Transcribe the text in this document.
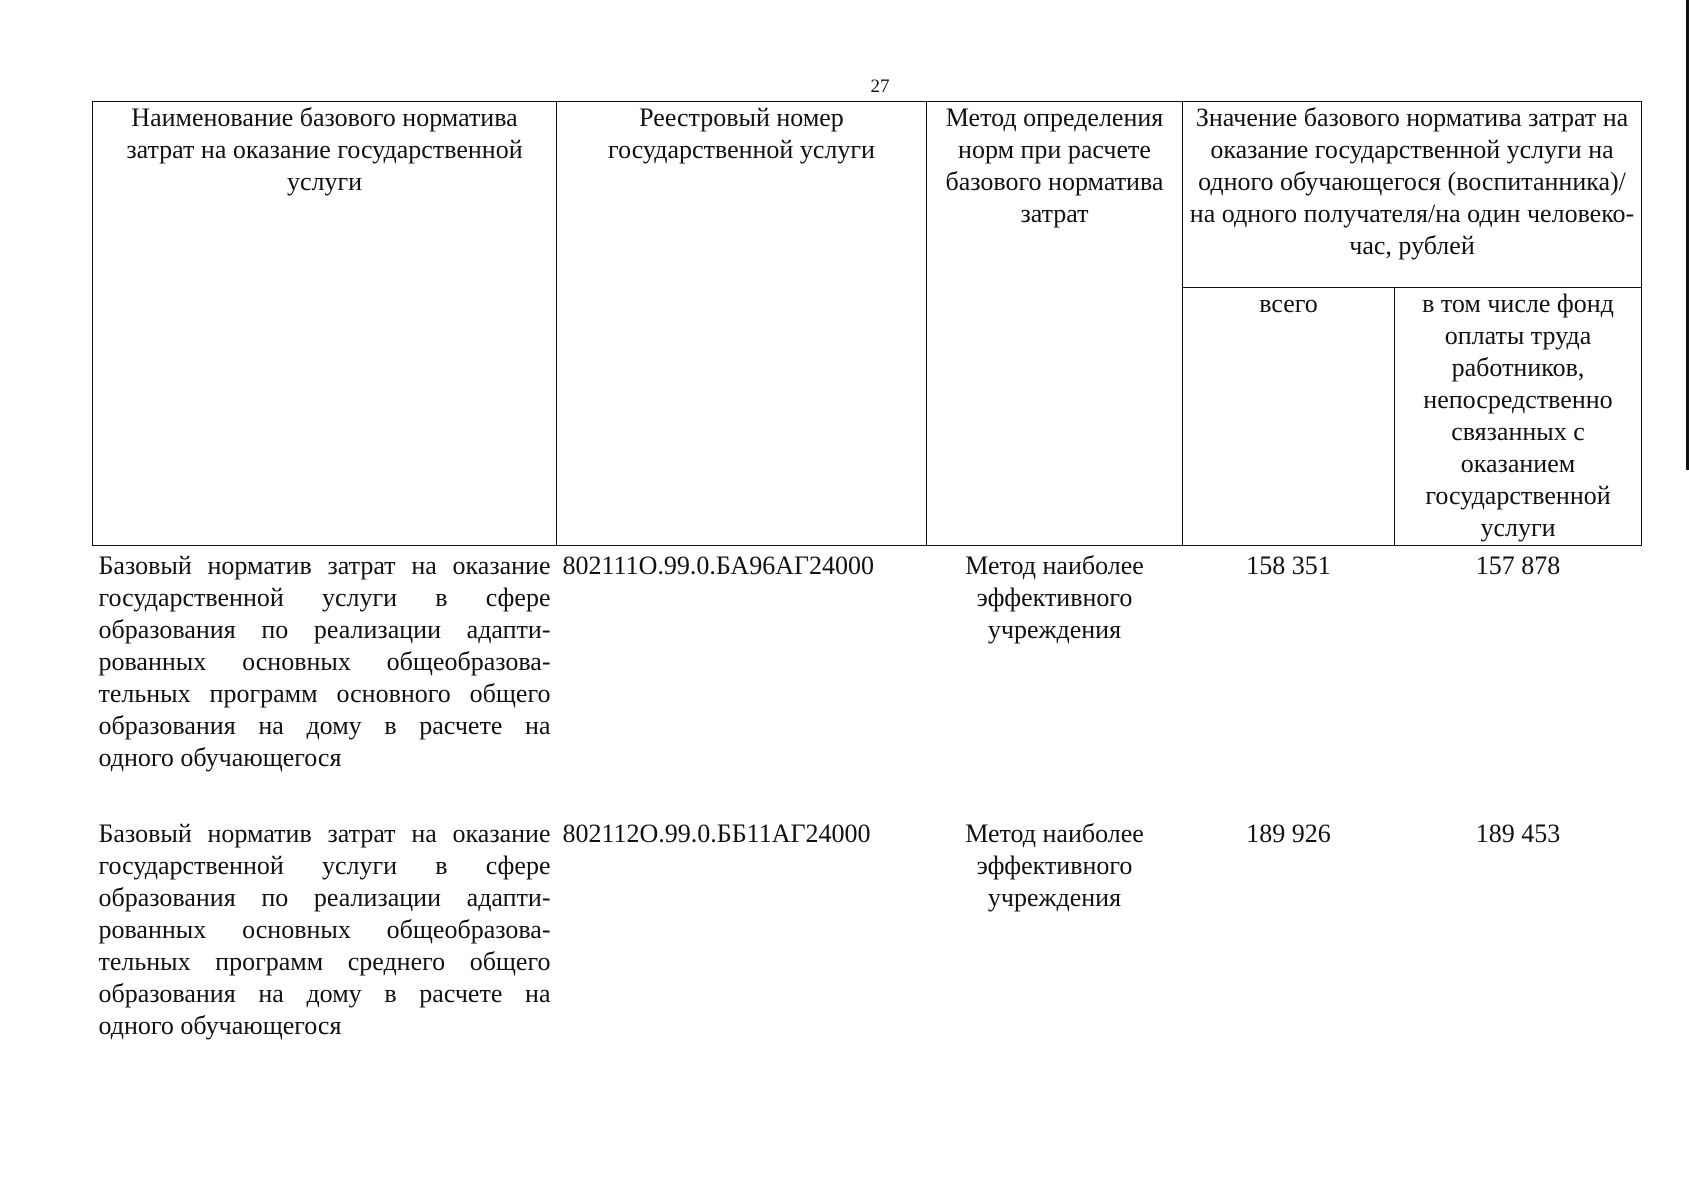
27
Наименование базового норматива затрат на оказание государственной услуги	Реестровый номер государственной услуги	Метод определения норм при расчете базового норматива затрат	Значение базового норматива затрат на оказание государственной услуги на одного обучающегося (воспитанника)/на одного получателя/на один человеко-час, рублей	
			всего	в том числе фонд оплаты труда работников, непосредственно связанных с оказанием государственной услуги
Базовый норматив затрат на оказание государственной услуги в сфере образования по реализации адаптированных основных общеобразовательных программ основного общего образования на дому в расчете на одного обучающегося	802111О.99.0.БА96АГ24000	Метод наиболее эффективного учреждения	158 351	157 878

Базовый норматив затрат на оказание государственной услуги в сфере образования по реализации адаптированных основных общеобразовательных программ среднего общего образования на дому в расчете на одного обучающегося	802112О.99.0.ББ11АГ24000	Метод наиболее эффективного учреждения	189 926	189 453
